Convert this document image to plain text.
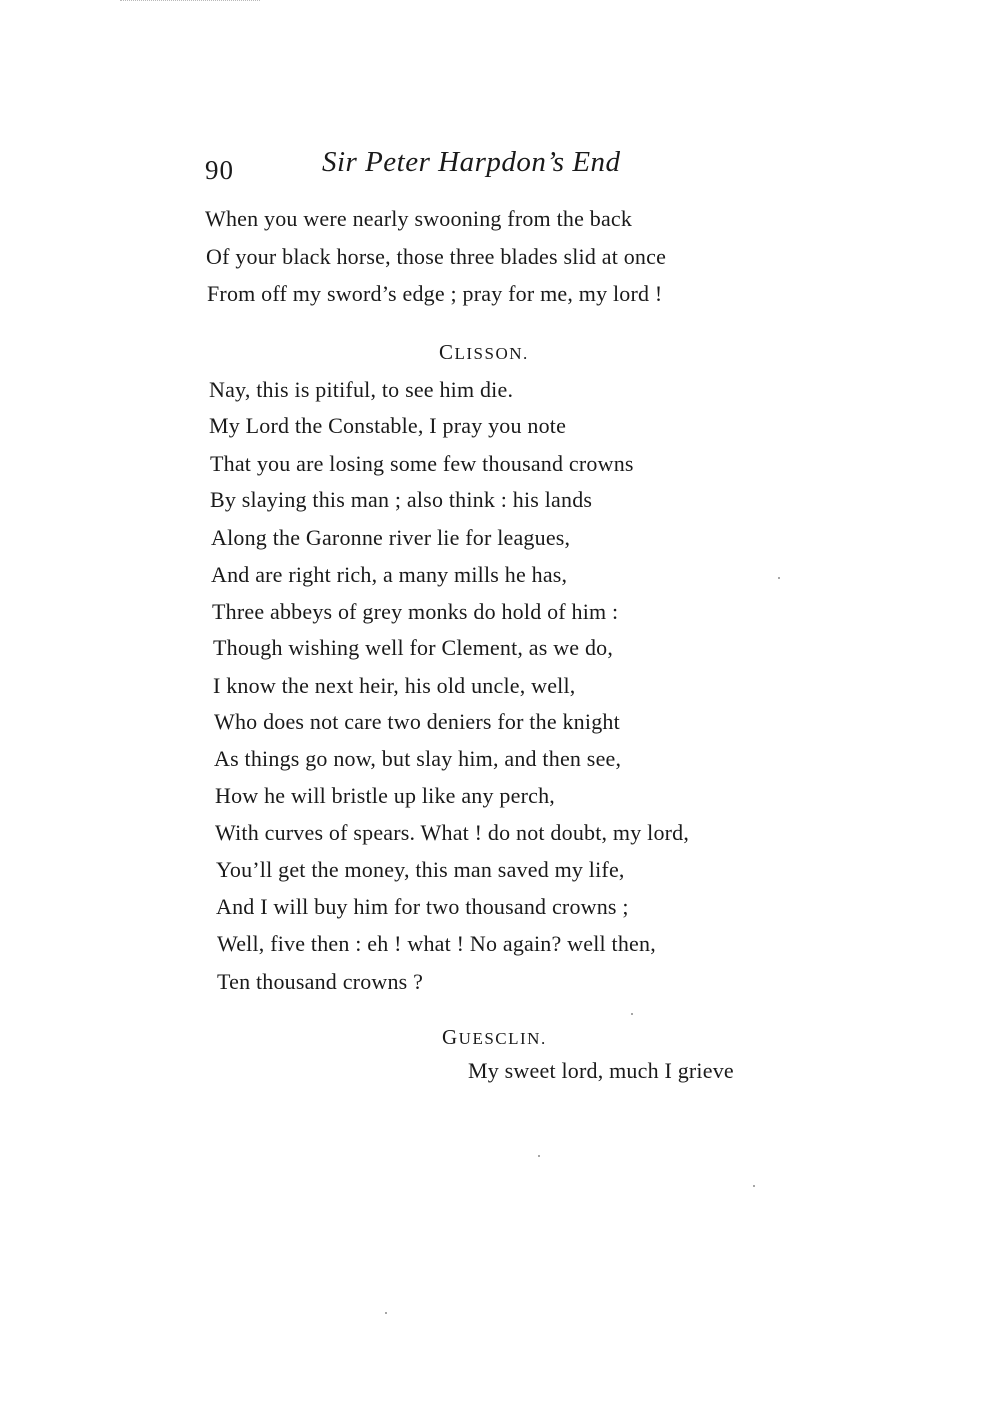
90	Sir Peter Harpdon’s End
When you were nearly swooning from the back
Of your black horse, those three blades slid at once
From off my sword’s edge ; pray for me, my lord !
CLISSON.
Nay, this is pitiful, to see him die.
My Lord the Constable, I pray you note
That you are losing some few thousand crowns
By slaying this man ; also think : his lands
Along the Garonne river lie for leagues,
And are right rich, a many mills he has,
Three abbeys of grey monks do hold of him :
Though wishing well for Clement, as we do,
I know the next heir, his old uncle, well,
Who does not care two deniers for the knight
As things go now, but slay him, and then see,
How he will bristle up like any perch,
With curves of spears. What ! do not doubt, my lord,
You’ll get the money, this man saved my life,
And I will buy him for two thousand crowns ;
Well, five then : eh ! what ! No again? well then,
Ten thousand crowns ?
GUESCLIN.
My sweet lord, much I grieve
